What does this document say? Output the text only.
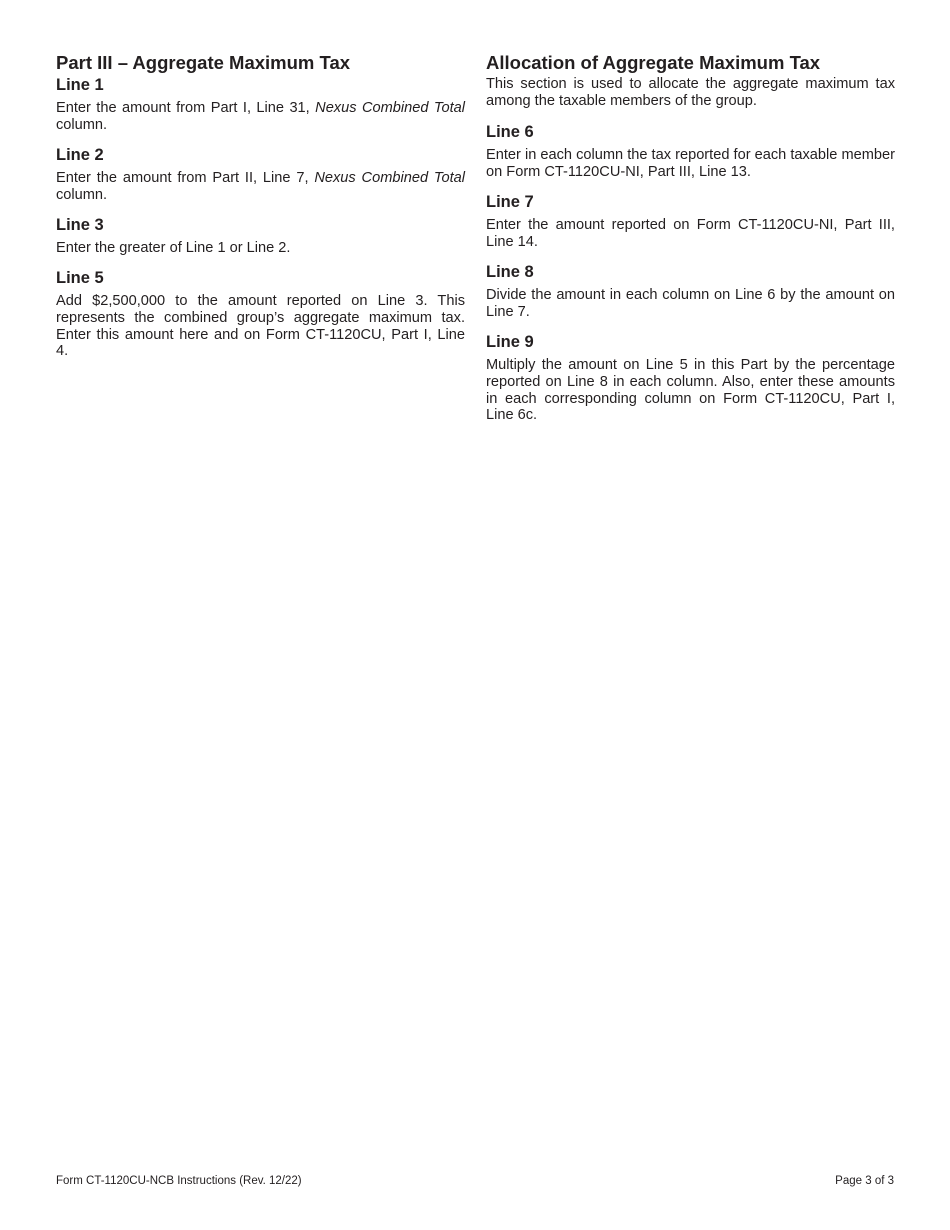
Part III – Aggregate Maximum Tax
Line 1
Enter the amount from Part I, Line 31, Nexus Combined Total column.
Line 2
Enter the amount from Part II, Line 7, Nexus Combined Total column.
Line 3
Enter the greater of Line 1 or Line 2.
Line 5
Add $2,500,000 to the amount reported on Line 3. This represents the combined group’s aggregate maximum tax. Enter this amount here and on Form CT-1120CU, Part I, Line 4.
Allocation of Aggregate Maximum Tax
This section is used to allocate the aggregate maximum tax among the taxable members of the group.
Line 6
Enter in each column the tax reported for each taxable member on Form CT-1120CU-NI, Part III, Line 13.
Line 7
Enter the amount reported on Form CT-1120CU-NI, Part III, Line 14.
Line 8
Divide the amount in each column on Line 6 by the amount on Line 7.
Line 9
Multiply the amount on Line 5 in this Part by the percentage reported on Line 8 in each column. Also, enter these amounts in each corresponding column on Form CT-1120CU, Part I, Line 6c.
Form CT-1120CU-NCB Instructions (Rev. 12/22)	Page 3 of 3
